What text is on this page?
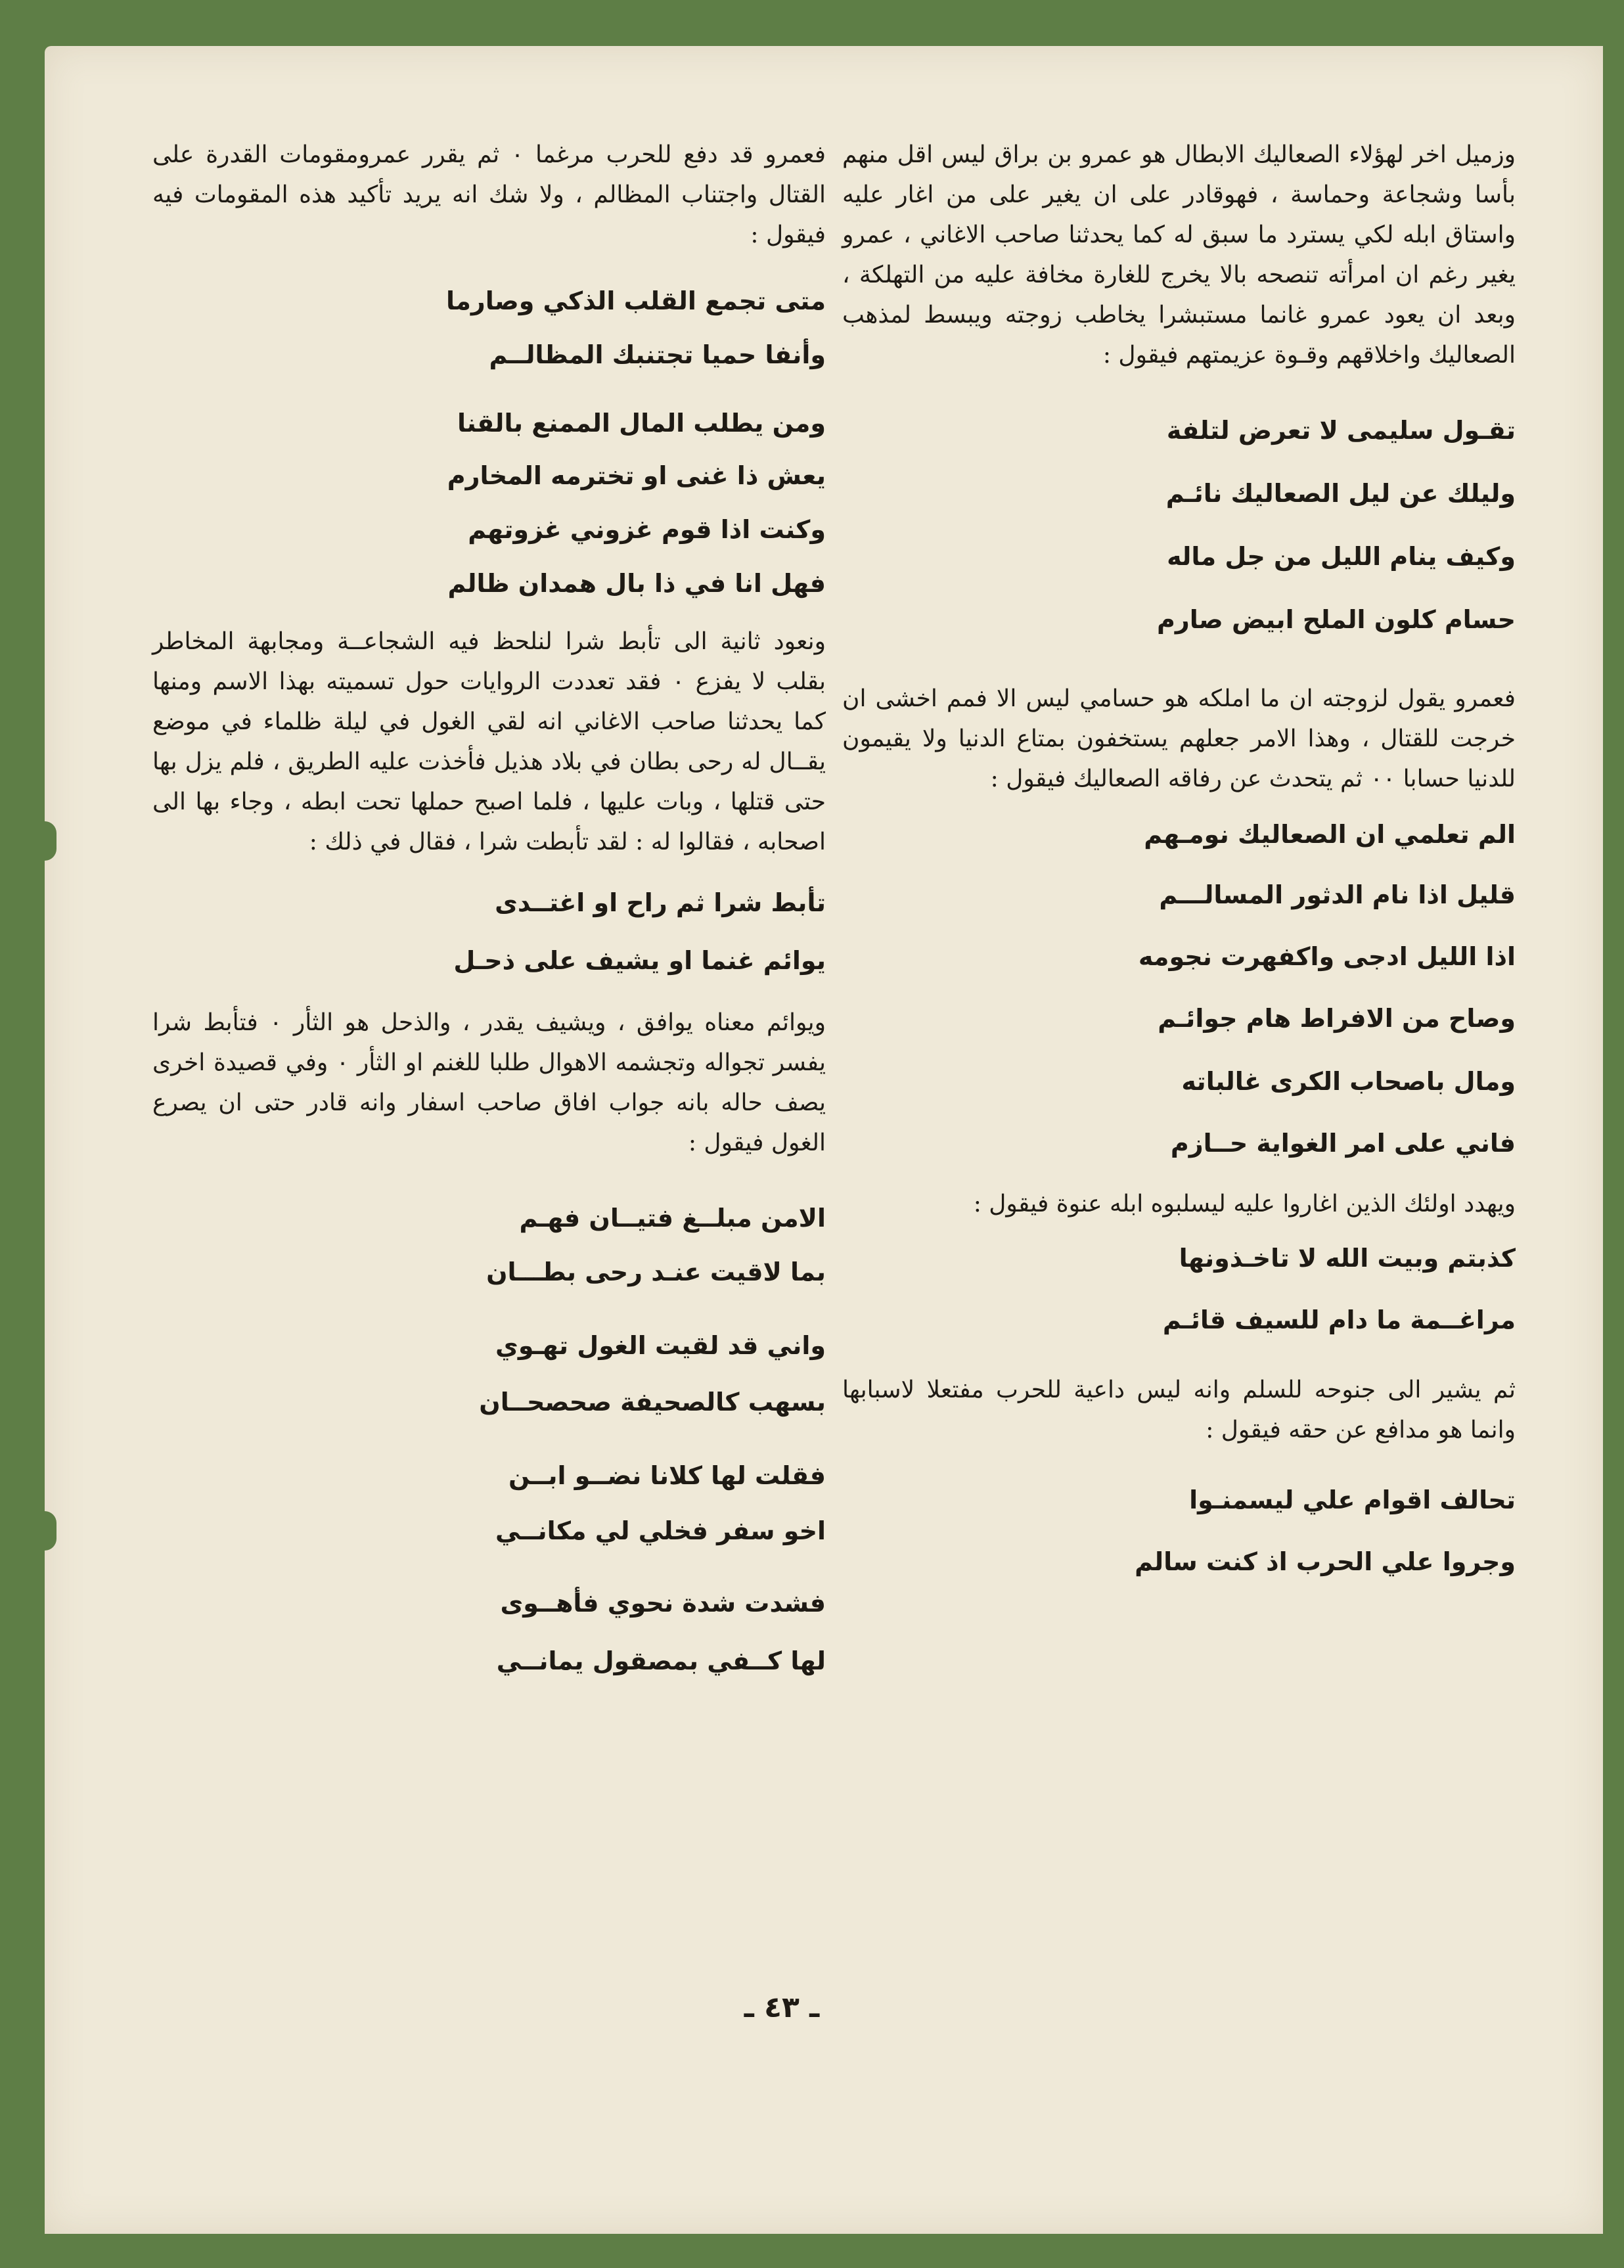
وزميل اخر لهؤلاء الصعاليك الابطال هو عمرو بن براق ليس اقل منهم بأسا وشجاعة وحماسة ، فهوقادر على ان يغير على من اغار عليه واستاق ابله لكي يسترد ما سبق له كما يحدثنا صاحب الاغاني ، عمرو يغير رغم ان امرأته تنصحه بالا يخرج للغارة مخافة عليه من التهلكة ، وبعد ان يعود عمرو غانما مستبشرا يخاطب زوجته ويبسط لمذهب الصعاليك واخلاقهم وقـوة عزيمتهم فيقول :

تقـول سليمى لا تعرض لتلفة

وليلك عن ليل الصعاليك نائـم

وكيف ينام الليل من جل ماله

حسام كلون الملح ابيض صارم

فعمرو يقول لزوجته ان ما املكه هو حسامي ليس الا فمم اخشى ان خرجت للقتال ، وهذا الامر جعلهم يستخفون بمتاع الدنيا ولا يقيمون للدنيا حسابا ٠٠ ثم يتحدث عن رفاقه الصعاليك فيقول :

الم تعلمي ان الصعاليك نومـهم

قليل اذا نام الدثور المسالـــم

اذا الليل ادجى واكفهرت نجومه

وصاح من الافراط هام جوائـم

ومال باصحاب الكرى غالباته

فاني على امر الغواية حــازم

ويهدد اولئك الذين اغاروا عليه ليسلبوه ابله عنوة فيقول :

كذبتم وبيت الله لا تاخـذونها

مراغــمة ما دام للسيف قائـم

ثم يشير الى جنوحه للسلم وانه ليس داعية للحرب مفتعلا لاسبابها وانما هو مدافع عن حقه فيقول :

تحالف اقوام علي ليسمنـوا

وجروا علي الحرب اذ كنت سالم

فعمرو قد دفع للحرب مرغما ٠ ثم يقرر عمرومقومات القدرة على القتال واجتناب المظالم ، ولا شك انه يريد تأكيد هذه المقومات فيه فيقول :

متى تجمع القلب الذكي وصارما

وأنفا حميا تجتنبك المظالــم

ومن يطلب المال الممنع بالقنا

يعش ذا غنى او تخترمه المخارم

وكنت اذا قوم غزوني غزوتهم

فهل انا في ذا بال همدان ظالم

ونعود ثانية الى تأبط شرا لنلحظ فيه الشجاعــة ومجابهة المخاطر بقلب لا يفزع ٠ فقد تعددت الروايات حول تسميته بهذا الاسم ومنها كما يحدثنا صاحب الاغاني انه لقي الغول في ليلة ظلماء في موضع يقــال له رحى بطان في بلاد هذيل فأخذت عليه الطريق ، فلم يزل بها حتى قتلها ، وبات عليها ، فلما اصبح حملها تحت ابطه ، وجاء بها الى اصحابه ، فقالوا له : لقد تأبطت شرا ، فقال في ذلك :

تأبط شرا ثم راح او اغتــدى

يوائم غنما او يشيف على ذحـل

ويوائم معناه يوافق ، ويشيف يقدر ، والذحل هو الثأر ٠ فتأبط شرا يفسر تجواله وتجشمه الاهوال طلبا للغنم او الثأر ٠ وفي قصيدة اخرى يصف حاله بانه جواب افاق صاحب اسفار وانه قادر حتى ان يصرع الغول فيقول :

الامن مبلــغ فتيــان فهـم

بما لاقيت عنـد رحى بطـــان

واني قد لقيت الغول تهـوي

بسهب كالصحيفة صحصحــان

فقلت لها كلانا نضــو ابــن

اخو سفر فخلي لي مكانــي

فشدت شدة نحوي فأهــوى

لها كــفي بمصقول يمانــي

ـ ٤٣ ـ
